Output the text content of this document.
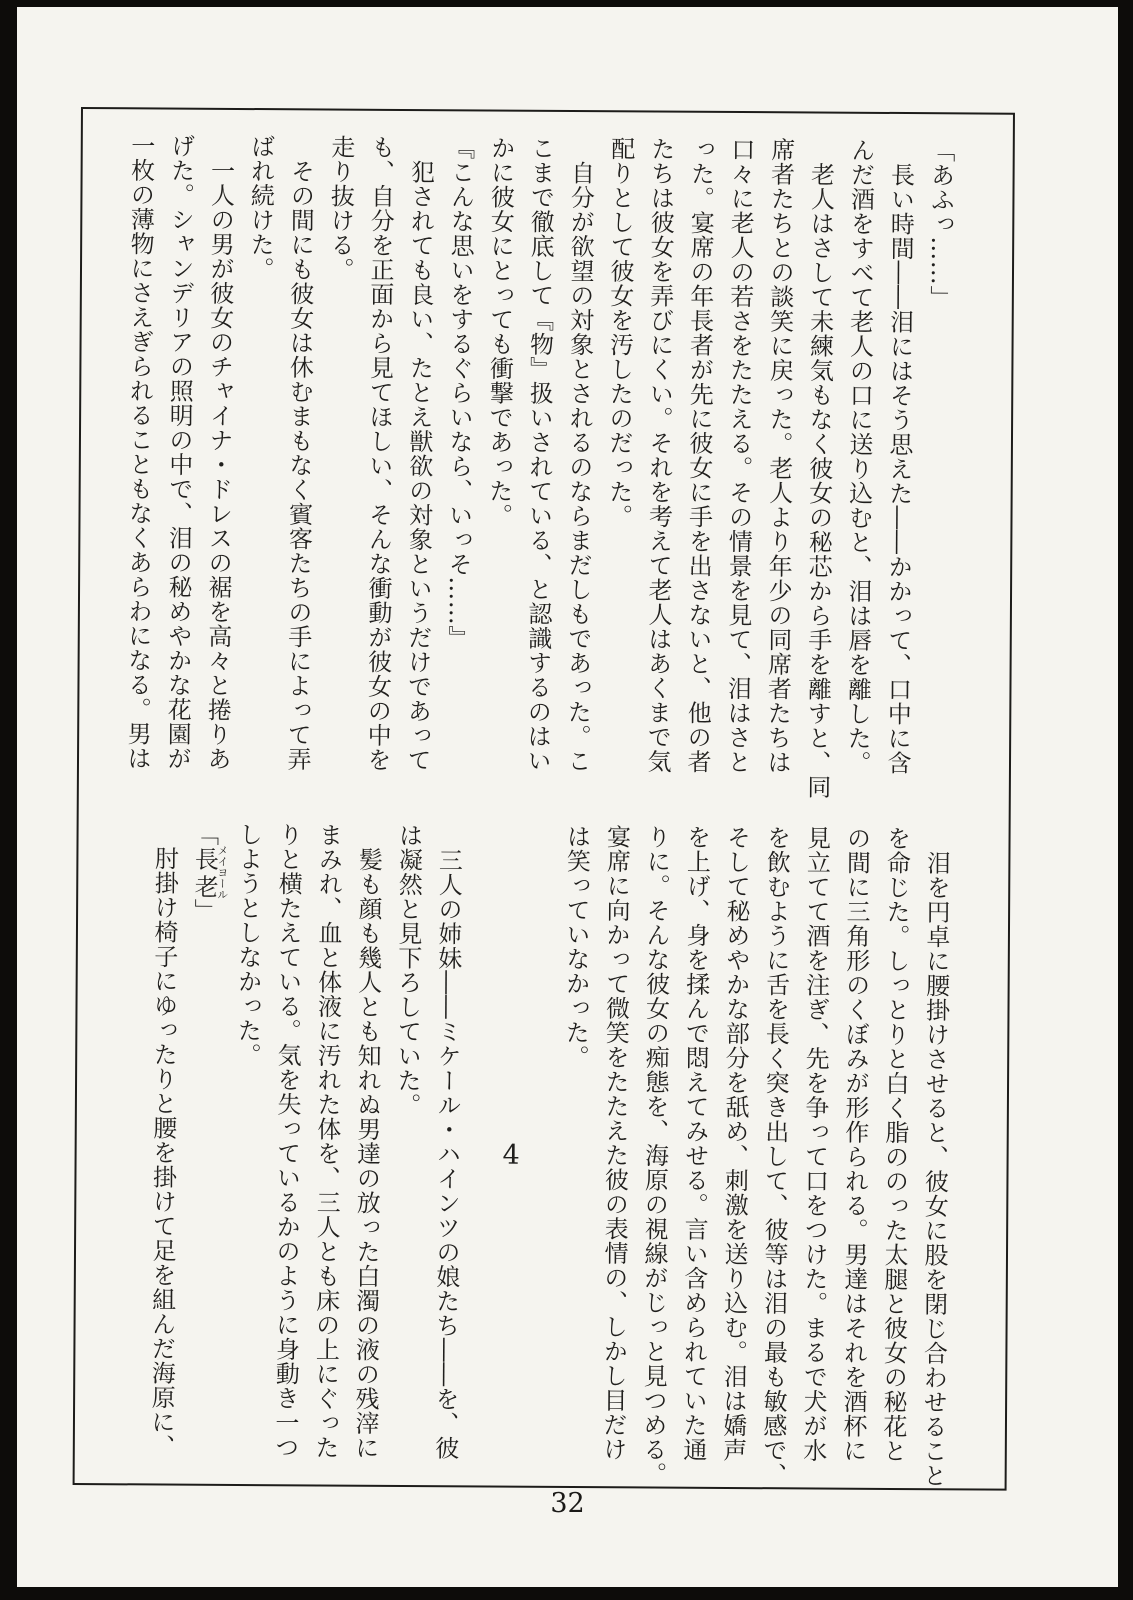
「あふっ……」

　長い時間――泪にはそう思えた――かかって、口中に含

んだ酒をすべて老人の口に送り込むと、泪は唇を離した。

　老人はさして未練気もなく彼女の秘芯から手を離すと、同

席者たちとの談笑に戻った。老人より年少の同席者たちは

口々に老人の若さをたたえる。その情景を見て、泪はさと

った。宴席の年長者が先に彼女に手を出さないと、他の者

たちは彼女を弄びにくい。それを考えて老人はあくまで気

配りとして彼女を汚したのだった。

　自分が欲望の対象とされるのならまだしもであった。こ

こまで徹底して『物』扱いされている、と認識するのはい

かに彼女にとっても衝撃であった。

『こんな思いをするぐらいなら、いっそ……』

　犯されても良い、たとえ獣欲の対象というだけであって

も、自分を正面から見てほしい、そんな衝動が彼女の中を

走り抜ける。

　その間にも彼女は休むまもなく賓客たちの手によって弄

ばれ続けた。

　一人の男が彼女のチャイナ・ドレスの裾を高々と捲りあ

げた。シャンデリアの照明の中で、泪の秘めやかな花園が

一枚の薄物にさえぎられることもなくあらわになる。男は

　泪を円卓に腰掛けさせると、彼女に股を閉じ合わせること

を命じた。しっとりと白く脂ののった太腿と彼女の秘花と

の間に三角形のくぼみが形作られる。男達はそれを酒杯に

見立てて酒を注ぎ、先を争って口をつけた。まるで犬が水

を飲むように舌を長く突き出して、彼等は泪の最も敏感で、

そして秘めやかな部分を舐め、刺激を送り込む。泪は嬌声

を上げ、身を揉んで悶えてみせる。言い含められていた通

りに。そんな彼女の痴態を、海原の視線がじっと見つめる。

宴席に向かって微笑をたたえた彼の表情の、しかし目だけ

は笑っていなかった。

4

　三人の姉妹――ミケール・ハインツの娘たち――を、彼

は凝然と見下ろしていた。

　髪も顔も幾人とも知れぬ男達の放った白濁の液の残滓に

まみれ、血と体液に汚れた体を、三人とも床の上にぐった

りと横たえている。気を失っているかのように身動き一つ

しようとしなかった。

「長老メイヨール」

　肘掛け椅子にゆったりと腰を掛けて足を組んだ海原に、

32
